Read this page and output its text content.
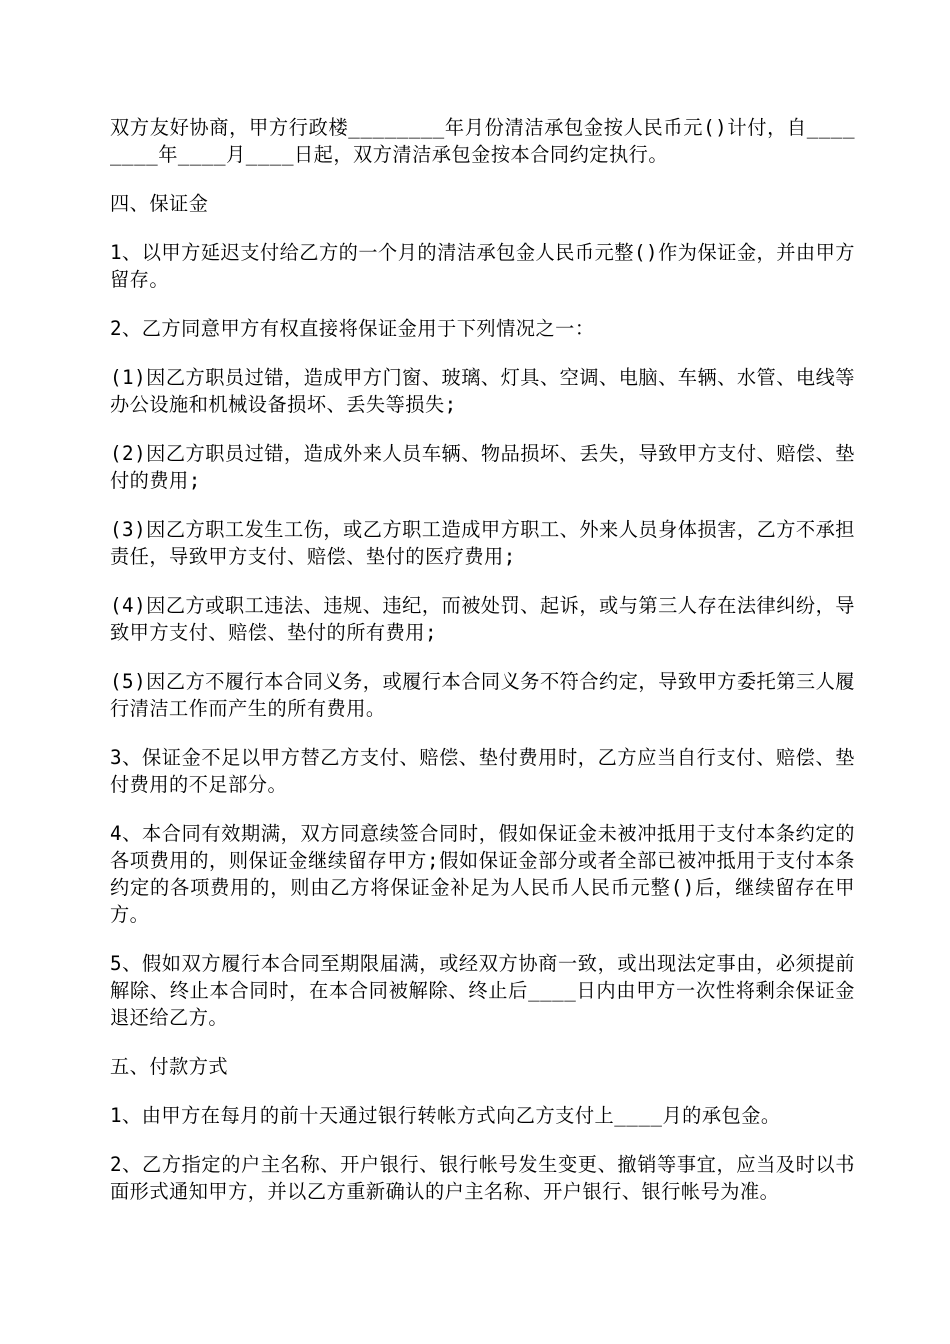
双方友好协商，甲方行政楼________年月份清洁承包金按人民币元()计付，自________年____月____日起，双方清洁承包金按本合同约定执行。

四、保证金

1、以甲方延迟支付给乙方的一个月的清洁承包金人民币元整()作为保证金，并由甲方留存。

2、乙方同意甲方有权直接将保证金用于下列情况之一：

(1)因乙方职员过错，造成甲方门窗、玻璃、灯具、空调、电脑、车辆、水管、电线等办公设施和机械设备损坏、丢失等损失;

(2)因乙方职员过错，造成外来人员车辆、物品损坏、丢失，导致甲方支付、赔偿、垫付的费用;

(3)因乙方职工发生工伤，或乙方职工造成甲方职工、外来人员身体损害，乙方不承担责任，导致甲方支付、赔偿、垫付的医疗费用;

(4)因乙方或职工违法、违规、违纪，而被处罚、起诉，或与第三人存在法律纠纷，导致甲方支付、赔偿、垫付的所有费用;

(5)因乙方不履行本合同义务，或履行本合同义务不符合约定，导致甲方委托第三人履行清洁工作而产生的所有费用。

3、保证金不足以甲方替乙方支付、赔偿、垫付费用时，乙方应当自行支付、赔偿、垫付费用的不足部分。

4、本合同有效期满，双方同意续签合同时，假如保证金未被冲抵用于支付本条约定的各项费用的，则保证金继续留存甲方;假如保证金部分或者全部已被冲抵用于支付本条约定的各项费用的，则由乙方将保证金补足为人民币人民币元整()后，继续留存在甲方。

5、假如双方履行本合同至期限届满，或经双方协商一致，或出现法定事由，必须提前解除、终止本合同时，在本合同被解除、终止后____日内由甲方一次性将剩余保证金退还给乙方。

五、付款方式

1、由甲方在每月的前十天通过银行转帐方式向乙方支付上____月的承包金。

2、乙方指定的户主名称、开户银行、银行帐号发生变更、撤销等事宜，应当及时以书面形式通知甲方，并以乙方重新确认的户主名称、开户银行、银行帐号为准。
